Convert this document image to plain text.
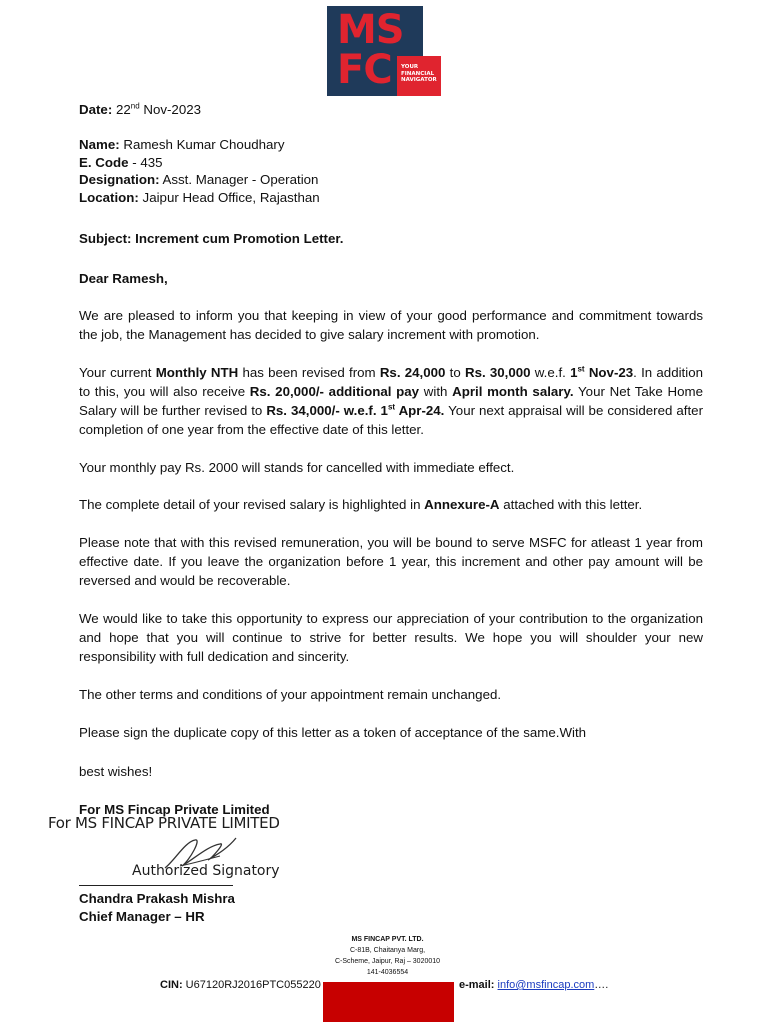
MS
FC YOUR
FINANCIAL
NAVIGATOR
Date: 22nd Nov-2023
Name: Ramesh Kumar Choudhary
E. Code - 435
Designation: Asst. Manager - Operation
Location: Jaipur Head Office, Rajasthan
Subject: Increment cum Promotion Letter.
Dear Ramesh,
We are pleased to inform you that keeping in view of your good performance and commitment towards the job, the Management has decided to give salary increment with promotion.
Your current Monthly NTH has been revised from Rs. 24,000 to Rs. 30,000 w.e.f. 1st Nov-23. In addition to this, you will also receive Rs. 20,000/- additional pay with April month salary. Your Net Take Home Salary will be further revised to Rs. 34,000/- w.e.f. 1st Apr-24. Your next appraisal will be considered after completion of one year from the effective date of this letter.
Your monthly pay Rs. 2000 will stands for cancelled with immediate effect.
The complete detail of your revised salary is highlighted in Annexure-A attached with this letter.
Please note that with this revised remuneration, you will be bound to serve MSFC for atleast 1 year from effective date. If you leave the organization before 1 year, this increment and other pay amount will be reversed and would be recoverable.
We would like to take this opportunity to express our appreciation of your contribution to the organization and hope that you will continue to strive for better results. We hope you will shoulder your new responsibility with full dedication and sincerity.
The other terms and conditions of your appointment remain unchanged.
Please sign the duplicate copy of this letter as a token of acceptance of the same.With
best wishes!
For MS Fincap Private Limited
For MS FINCAP PRIVATE LIMITED
Authorized Signatory
Chandra Prakash Mishra
Chief Manager – HR
MS FINCAP PVT. LTD.
C-81B, Chaitanya Marg,
C-Scheme, Jaipur, Raj – 3020010
141-4036554
CIN: U67120RJ2016PTC055220	e-mail: info@msfincap.com….
